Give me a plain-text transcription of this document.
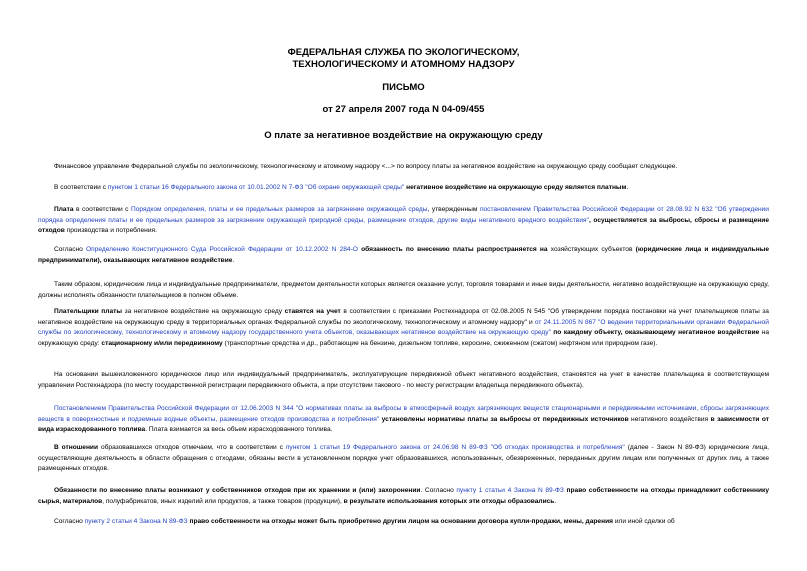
ФЕДЕРАЛЬНАЯ СЛУЖБА ПО ЭКОЛОГИЧЕСКОМУ,
ТЕХНОЛОГИЧЕСКОМУ И АТОМНОМУ НАДЗОРУ
ПИСЬМО
от 27 апреля 2007 года N 04-09/455
О плате за негативное воздействие на окружающую среду

Финансовое управление Федеральной службы по экологическому, технологическому и атомному надзору <...> по вопросу платы за негативное воздействие на окружающую среду сообщает следующее.

В соответствии с пунктом 1 статьи 16 Федерального закона от 10.01.2002 N 7-ФЗ "Об охране окружающей среды" негативное воздействие на окружающую среду является платным.

Плата в соответствии с Порядком определения, платы и ее предельных размеров за загрязнение окружающей среды, утвержденным постановлением Правительства Российской Федерации от 28.08.92 N 632 "Об утверждении порядка определения платы и ее предельных размеров за загрязнение окружающей природной среды, размещение отходов, другие виды негативного вредного воздействия", осуществляется за выбросы, сбросы и размещение отходов производства и потребления.

Согласно Определению Конституционного Суда Российской Федерации от 10.12.2002 N 284-О обязанность по внесению платы распространяется на хозяйствующих субъектов (юридические лица и индивидуальные предприниматели), оказывающих негативное воздействие.

Таким образом, юридические лица и индивидуальные предприниматели, предметом деятельности которых является оказание услуг, торговля товарами и иные виды деятельности, негативно воздействующие на окружающую среду, должны исполнять обязанности плательщиков в полном объеме.

Плательщики платы за негативное воздействие на окружающую среду ставятся на учет в соответствии с приказами Ростехнадзора от 02.08.2005 N 545 "Об утверждении порядка постановки на учет плательщиков платы за негативное воздействие на окружающую среду в территориальных органах Федеральной службы по экологическому, технологическому и атомному надзору" и от 24.11.2005 N 867 "О ведении территориальными органами Федеральной службы по экологическому, технологическому и атомному надзору государственного учета объектов, оказывающих негативное воздействие на окружающую среду" по каждому объекту, оказывающему негативное воздействие на окружающую среду: стационарному и/или передвижному (транспортные средства и др., работающие на бензине, дизельном топливе, керосине, сжиженном (сжатом) нефтяном или природном газе).

На основании вышеизложенного юридическое лицо или индивидуальный предприниматель, эксплуатирующие передвижной объект негативного воздействия, становятся на учет в качестве плательщика в соответствующем управлении Ростехнадзора (по месту государственной регистрации передвижного объекта, а при отсутствии такового - по месту регистрации владельца передвижного объекта).

Постановлением Правительства Российской Федерации от 12.06.2003 N 344 "О нормативах платы за выбросы в атмосферный воздух загрязняющих веществ стационарными и передвижными источниками, сбросы загрязняющих веществ в поверхностные и подземные водные объекты, размещение отходов производства и потребления" установлены нормативы платы за выбросы от передвижных источников негативного воздействия в зависимости от вида израсходованного топлива. Плата взимается за весь объем израсходованного топлива.

В отношении образовавшихся отходов отмечаем, что в соответствии с пунктом 1 статьи 19 Федерального закона от 24.06.98 N 89-ФЗ "Об отходах производства и потребления" (далее - Закон N 89-ФЗ) юридические лица, осуществляющие деятельность в области обращения с отходами, обязаны вести в установленном порядке учет образовавшихся, использованных, обезвреженных, переданных другим лицам или полученных от других лиц, а также размещенных отходов.

Обязанности по внесению платы возникают у собственников отходов при их хранении и (или) захоронении. Согласно пункту 1 статьи 4 Закона N 89-ФЗ право собственности на отходы принадлежит собственнику сырья, материалов, полуфабрикатов, иных изделий или продуктов, а также товаров (продукции), в результате использования которых эти отходы образовались.

Согласно пункту 2 статьи 4 Закона N 89-ФЗ право собственности на отходы может быть приобретено другим лицом на основании договора купли-продажи, мены, дарения или иной сделки об
